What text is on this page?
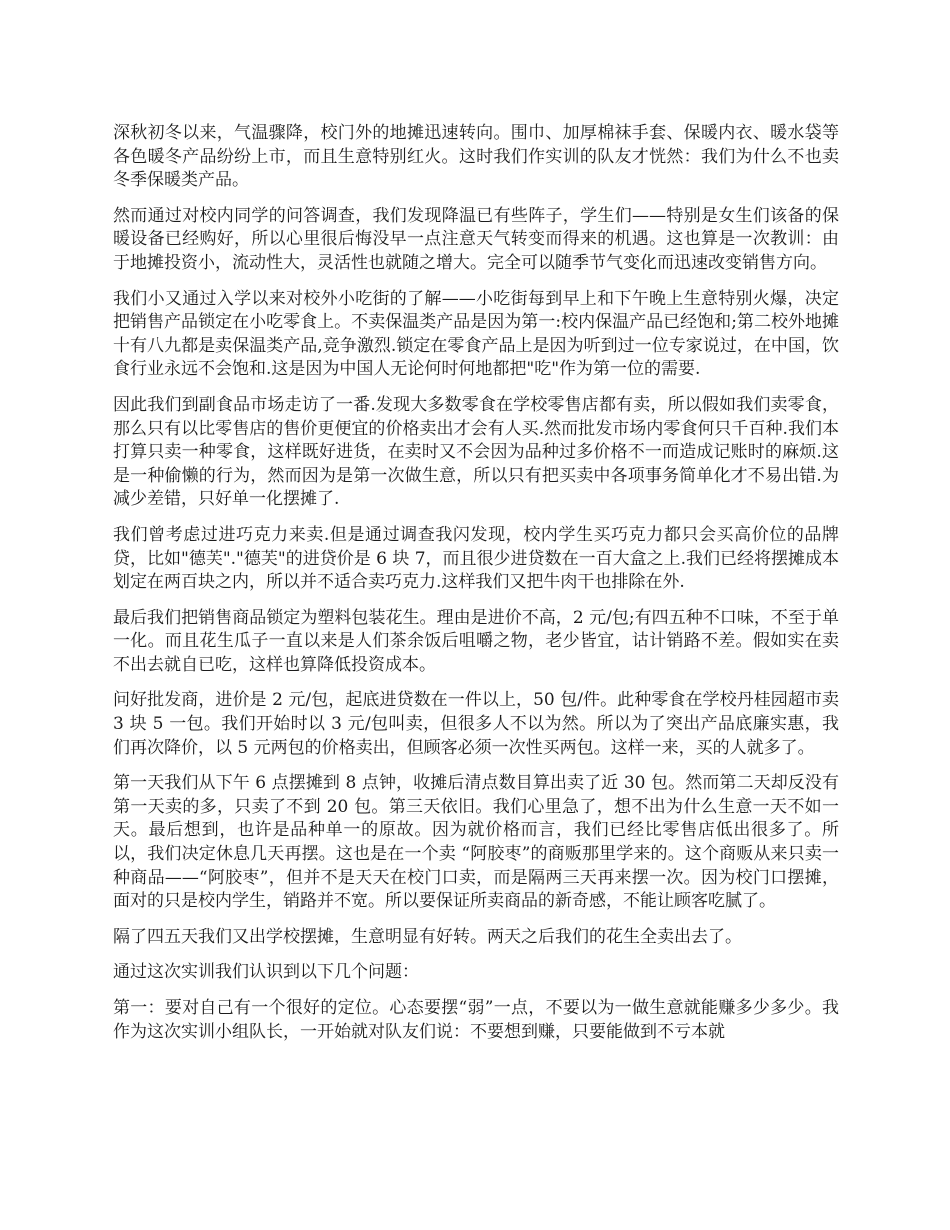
深秋初冬以来，气温骤降，校门外的地摊迅速转向。围巾、加厚棉袜手套、保暖内衣、暖水袋等各色暖冬产品纷纷上市，而且生意特别红火。这时我们作实训的队友才恍然：我们为什么不也卖冬季保暖类产品。

然而通过对校内同学的问答调查，我们发现降温已有些阵子，学生们——特别是女生们该备的保暖设备已经购好，所以心里很后悔没早一点注意天气转变而得来的机遇。这也算是一次教训：由于地摊投资小，流动性大，灵活性也就随之增大。完全可以随季节气变化而迅速改变销售方向。

我们小又通过入学以来对校外小吃街的了解——小吃街每到早上和下午晚上生意特别火爆，决定把销售产品锁定在小吃零食上。不卖保温类产品是因为第一:校内保温产品已经饱和;第二校外地摊十有八九都是卖保温类产品,竞争激烈.锁定在零食产品上是因为听到过一位专家说过，在中国，饮食行业永远不会饱和.这是因为中国人无论何时何地都把"吃"作为第一位的需要.

因此我们到副食品市场走访了一番.发现大多数零食在学校零售店都有卖，所以假如我们卖零食，那么只有以比零售店的售价更便宜的价格卖出才会有人买.然而批发市场内零食何只千百种.我们本打算只卖一种零食，这样既好进货，在卖时又不会因为品种过多价格不一而造成记账时的麻烦.这是一种偷懒的行为，然而因为是第一次做生意，所以只有把买卖中各项事务简单化才不易出错.为减少差错，只好单一化摆摊了.

我们曾考虑过进巧克力来卖.但是通过调查我闪发现，校内学生买巧克力都只会买高价位的品牌贷，比如"德芙"."德芙"的进贷价是 6 块 7，而且很少进贷数在一百大盒之上.我们已经将摆摊成本划定在两百块之内，所以并不适合卖巧克力.这样我们又把牛肉干也排除在外.

最后我们把销售商品锁定为塑料包装花生。理由是进价不高，2 元/包;有四五种不口味，不至于单一化。而且花生瓜子一直以来是人们茶余饭后咀嚼之物，老少皆宜，诂计销路不差。假如实在卖不出去就自已吃，这样也算降低投资成本。

问好批发商，进价是 2 元/包，起底进贷数在一件以上，50 包/件。此种零食在学校丹桂园超市卖 3 块 5 一包。我们开始时以 3 元/包叫卖，但很多人不以为然。所以为了突出产品底廉实惠，我们再次降价，以 5 元两包的价格卖出，但顾客必须一次性买两包。这样一来，买的人就多了。

第一天我们从下午 6 点摆摊到 8 点钟，收摊后清点数目算出卖了近 30 包。然而第二天却反没有第一天卖的多，只卖了不到 20 包。第三天依旧。我们心里急了，想不出为什么生意一天不如一天。最后想到，也许是品种单一的原故。因为就价格而言，我们已经比零售店低出很多了。所以，我们决定休息几天再摆。这也是在一个卖 “阿胶枣”的商贩那里学来的。这个商贩从来只卖一种商品——“阿胶枣”，但并不是天天在校门口卖，而是隔两三天再来摆一次。因为校门口摆摊，面对的只是校内学生，销路并不宽。所以要保证所卖商品的新奇感，不能让顾客吃腻了。

隔了四五天我们又出学校摆摊，生意明显有好转。两天之后我们的花生全卖出去了。

通过这次实训我们认识到以下几个问题：

第一：要对自己有一个很好的定位。心态要摆“弱”一点，不要以为一做生意就能赚多少多少。我作为这次实训小组队长，一开始就对队友们说：不要想到赚，只要能做到不亏本就
